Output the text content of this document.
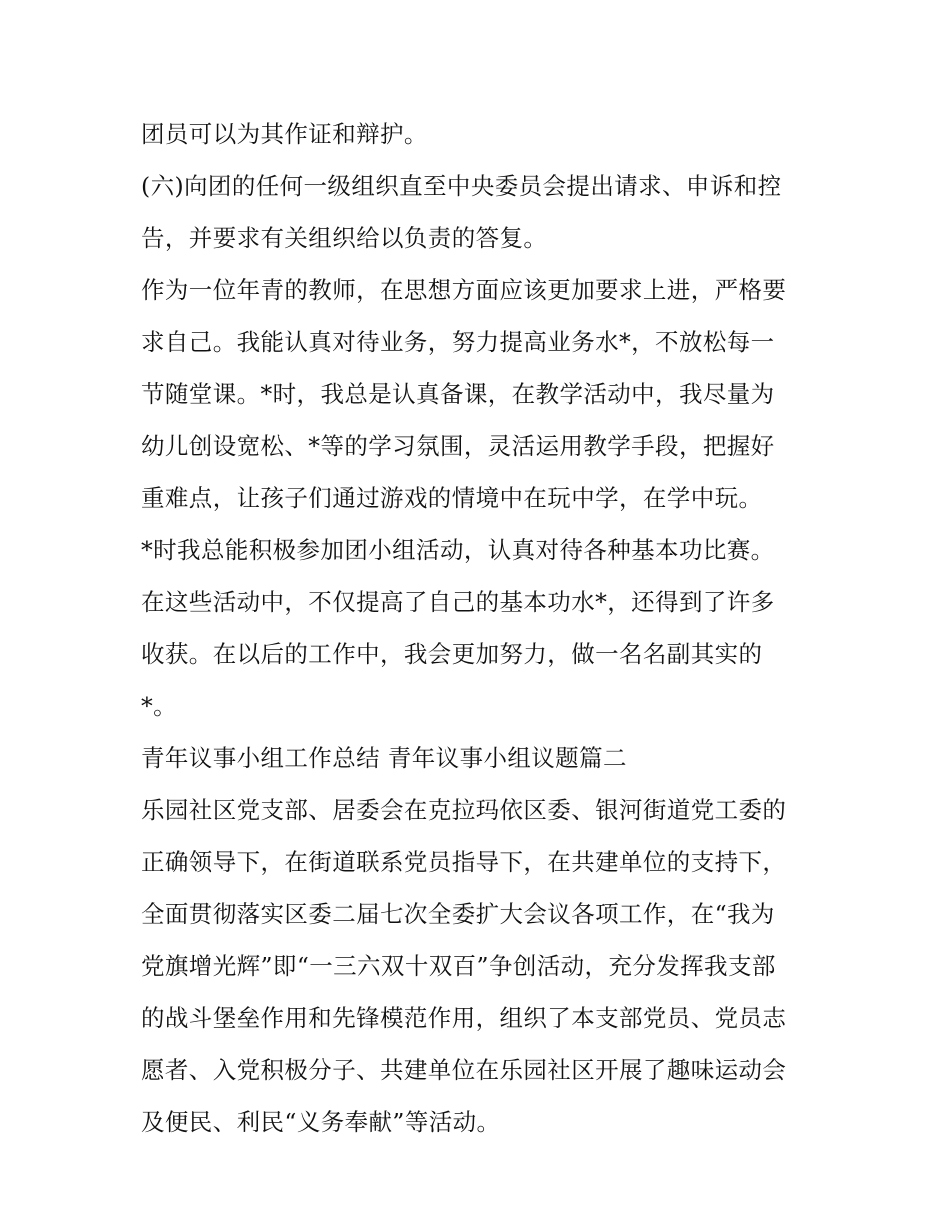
团员可以为其作证和辩护。
(六)向团的任何一级组织直至中央委员会提出请求、申诉和控
告，并要求有关组织给以负责的答复。
作为一位年青的教师，在思想方面应该更加要求上进，严格要
求自己。我能认真对待业务，努力提高业务水*，不放松每一
节随堂课。*时，我总是认真备课，在教学活动中，我尽量为
幼儿创设宽松、*等的学习氛围，灵活运用教学手段，把握好
重难点，让孩子们通过游戏的情境中在玩中学，在学中玩。
*时我总能积极参加团小组活动，认真对待各种基本功比赛。
在这些活动中，不仅提高了自己的基本功水*，还得到了许多
收获。在以后的工作中，我会更加努力，做一名名副其实的
*。
青年议事小组工作总结 青年议事小组议题篇二
乐园社区党支部、居委会在克拉玛依区委、银河街道党工委的
正确领导下，在街道联系党员指导下，在共建单位的支持下，
全面贯彻落实区委二届七次全委扩大会议各项工作，在“我为
党旗增光辉”即“一三六双十双百”争创活动，充分发挥我支部
的战斗堡垒作用和先锋模范作用，组织了本支部党员、党员志
愿者、入党积极分子、共建单位在乐园社区开展了趣味运动会
及便民、利民“义务奉献”等活动。
